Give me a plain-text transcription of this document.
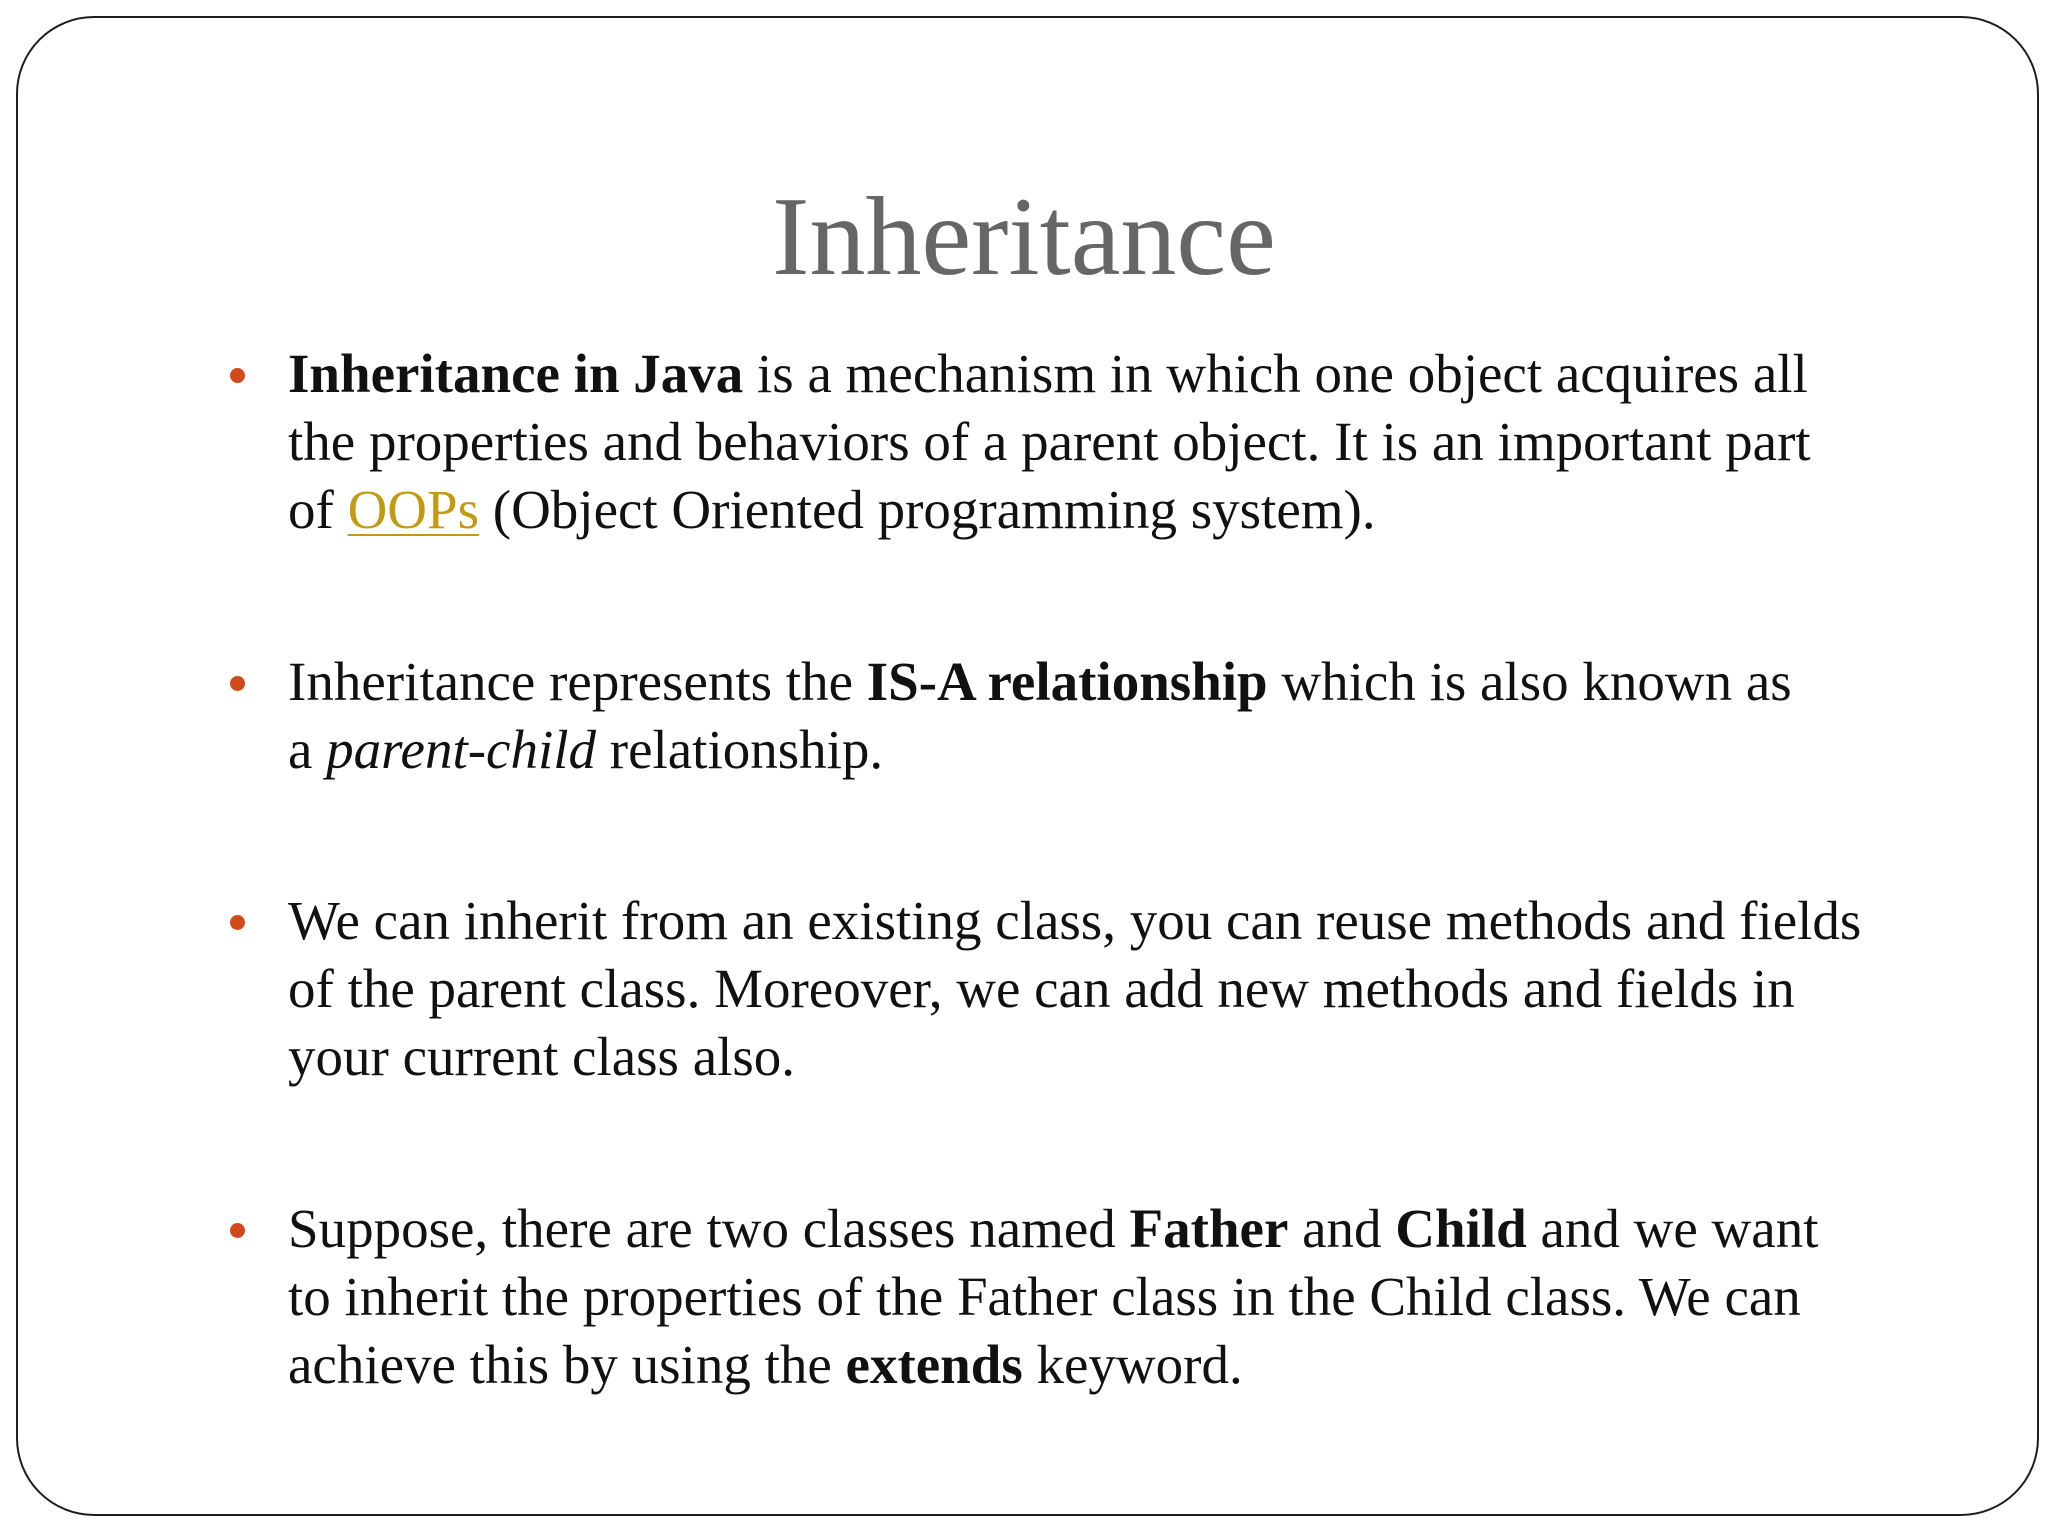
Inheritance

Inheritance in Java is a mechanism in which one object acquires all
the properties and behaviors of a parent object. It is an important part
of OOPs (Object Oriented programming system).

Inheritance represents the IS-A relationship which is also known as
a parent-child relationship.

We can inherit from an existing class, you can reuse methods and fields
of the parent class. Moreover, we can add new methods and fields in
your current class also.

Suppose, there are two classes named Father and Child and we want
to inherit the properties of the Father class in the Child class. We can
achieve this by using the extends keyword.
